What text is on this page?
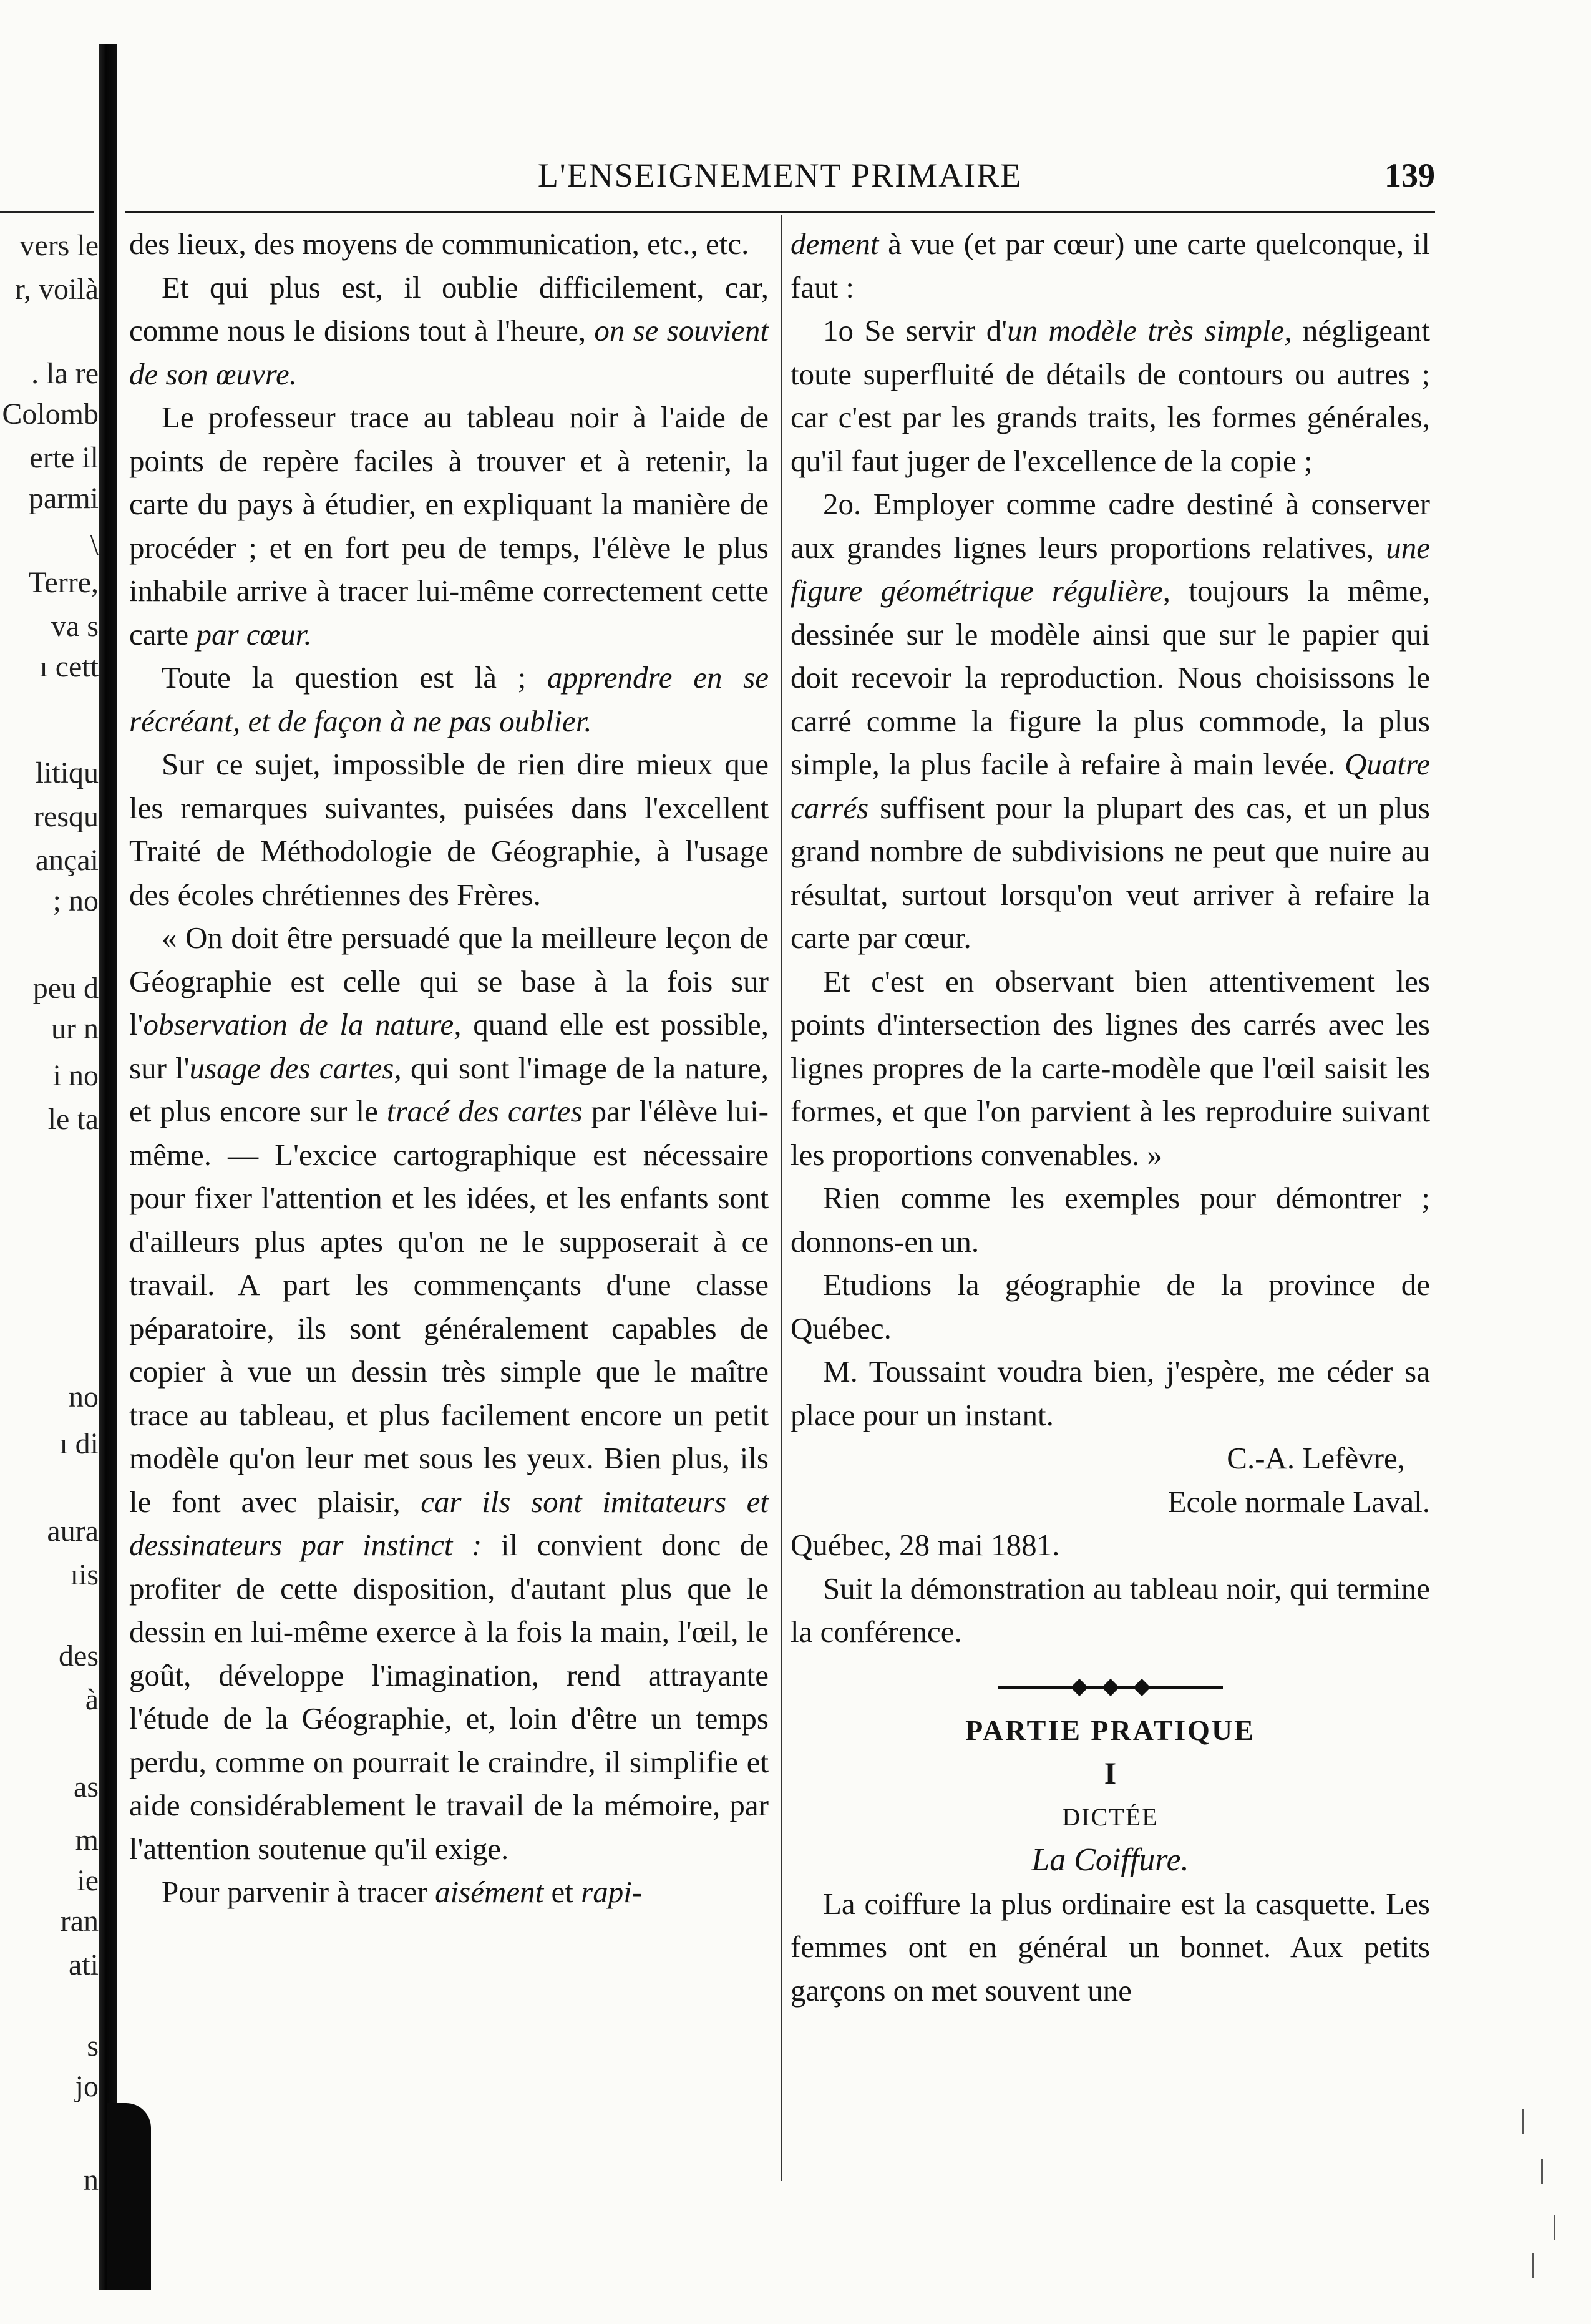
vers le
r, voilà
. la re
Colomb
erte il
parmi
\
Terre,
va s
ı cett
litiqu
resqu
ançai
; no
peu d
ur n
i no
le ta
no
ı di
aura
ıis
des
à
as
m
ie
ran
ati
s
jo
n
L'ENSEIGNEMENT PRIMAIRE	139

des lieux, des moyens de communication, etc., etc.

Et qui plus est, il oublie difficilement, car, comme nous le disions tout à l'heure, on se souvient de son œuvre.

Le professeur trace au tableau noir à l'aide de points de repère faciles à trouver et à retenir, la carte du pays à étudier, en expliquant la manière de procéder ; et en fort peu de temps, l'élève le plus inhabile arrive à tracer lui-même correctement cette carte par cœur.

Toute la question est là ; apprendre en se récréant, et de façon à ne pas oublier.

Sur ce sujet, impossible de rien dire mieux que les remarques suivantes, puisées dans l'excellent Traité de Méthodologie de Géographie, à l'usage des écoles chrétiennes des Frères.

« On doit être persuadé que la meilleure leçon de Géographie est celle qui se base à la fois sur l'observation de la nature, quand elle est possible, sur l'usage des cartes, qui sont l'image de la nature, et plus encore sur le tracé des cartes par l'élève lui-même. — L'excice cartographique est nécessaire pour fixer l'attention et les idées, et les enfants sont d'ailleurs plus aptes qu'on ne le supposerait à ce travail. A part les commençants d'une classe péparatoire, ils sont généralement capables de copier à vue un dessin très simple que le maître trace au tableau, et plus facilement encore un petit modèle qu'on leur met sous les yeux. Bien plus, ils le font avec plaisir, car ils sont imitateurs et dessinateurs par instinct : il convient donc de profiter de cette disposition, d'autant plus que le dessin en lui-même exerce à la fois la main, l'œil, le goût, développe l'imagination, rend attrayante l'étude de la Géographie, et, loin d'être un temps perdu, comme on pourrait le craindre, il simplifie et aide considérablement le travail de la mémoire, par l'attention soutenue qu'il exige.

Pour parvenir à tracer aisément et rapi-

dement à vue (et par cœur) une carte quelconque, il faut :

1o Se servir d'un modèle très simple, négligeant toute superfluité de détails de contours ou autres ; car c'est par les grands traits, les formes générales, qu'il faut juger de l'excellence de la copie ;

2o. Employer comme cadre destiné à conserver aux grandes lignes leurs proportions relatives, une figure géométrique régulière, toujours la même, dessinée sur le modèle ainsi que sur le papier qui doit recevoir la reproduction. Nous choisissons le carré comme la figure la plus commode, la plus simple, la plus facile à refaire à main levée. Quatre carrés suffisent pour la plupart des cas, et un plus grand nombre de subdivisions ne peut que nuire au résultat, surtout lorsqu'on veut arriver à refaire la carte par cœur.

Et c'est en observant bien attentivement les points d'intersection des lignes des carrés avec les lignes propres de la carte-modèle que l'œil saisit les formes, et que l'on parvient à les reproduire suivant les proportions convenables. »

Rien comme les exemples pour démontrer ; donnons-en un.

Etudions la géographie de la province de Québec.

M. Toussaint voudra bien, j'espère, me céder sa place pour un instant.

C.-A. Lefèvre,

Ecole normale Laval.

Québec, 28 mai 1881.

Suit la démonstration au tableau noir, qui termine la conférence.

PARTIE PRATIQUE

I

DICTÉE

La Coiffure.

La coiffure la plus ordinaire est la casquette. Les femmes ont en général un bonnet. Aux petits garçons on met souvent une
